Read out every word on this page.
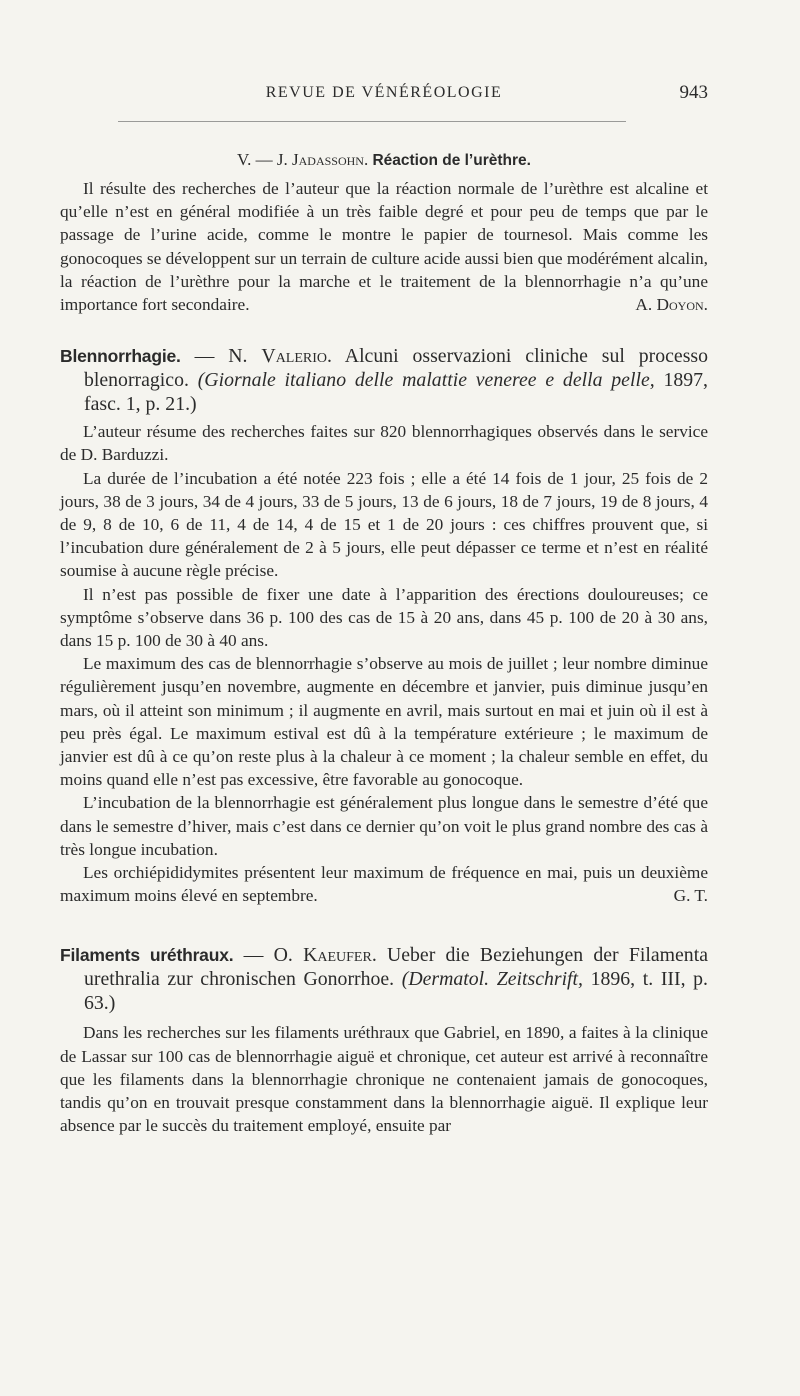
REVUE DE VÉNÉRÉOLOGIE	943

V. — J. Jadassohn. Réaction de l’urèthre.

Il résulte des recherches de l’auteur que la réaction normale de l’urèthre est alcaline et qu’elle n’est en général modifiée à un très faible degré et pour peu de temps que par le passage de l’urine acide, comme le montre le papier de tournesol. Mais comme les gonocoques se développent sur un terrain de culture acide aussi bien que modérément alcalin, la réaction de l’urèthre pour la marche et le traitement de la blennorrhagie n’a qu’une importance fort secondaire.	A. Doyon.

Blennorrhagie. — N. Valerio. Alcuni osservazioni cliniche sul processo blenorragico. (Giornale italiano delle malattie veneree e della pelle, 1897, fasc. 1, p. 21.)

L’auteur résume des recherches faites sur 820 blennorrhagiques observés dans le service de D. Barduzzi.

La durée de l’incubation a été notée 223 fois ; elle a été 14 fois de 1 jour, 25 fois de 2 jours, 38 de 3 jours, 34 de 4 jours, 33 de 5 jours, 13 de 6 jours, 18 de 7 jours, 19 de 8 jours, 4 de 9, 8 de 10, 6 de 11, 4 de 14, 4 de 15 et 1 de 20 jours : ces chiffres prouvent que, si l’incubation dure généralement de 2 à 5 jours, elle peut dépasser ce terme et n’est en réalité soumise à aucune règle précise.

Il n’est pas possible de fixer une date à l’apparition des érections douloureuses; ce symptôme s’observe dans 36 p. 100 des cas de 15 à 20 ans, dans 45 p. 100 de 20 à 30 ans, dans 15 p. 100 de 30 à 40 ans.

Le maximum des cas de blennorrhagie s’observe au mois de juillet ; leur nombre diminue régulièrement jusqu’en novembre, augmente en décembre et janvier, puis diminue jusqu’en mars, où il atteint son minimum ; il augmente en avril, mais surtout en mai et juin où il est à peu près égal. Le maximum estival est dû à la température extérieure ; le maximum de janvier est dû à ce qu’on reste plus à la chaleur à ce moment ; la chaleur semble en effet, du moins quand elle n’est pas excessive, être favorable au gonocoque.

L’incubation de la blennorrhagie est généralement plus longue dans le semestre d’été que dans le semestre d’hiver, mais c’est dans ce dernier qu’on voit le plus grand nombre des cas à très longue incubation.

Les orchiépididymites présentent leur maximum de fréquence en mai, puis un deuxième maximum moins élevé en septembre.	G. T.

Filaments uréthraux. — O. Kaeufer. Ueber die Beziehungen der Filamenta urethralia zur chronischen Gonorrhoe. (Dermatol. Zeitschrift, 1896, t. III, p. 63.)

Dans les recherches sur les filaments uréthraux que Gabriel, en 1890, a faites à la clinique de Lassar sur 100 cas de blennorrhagie aiguë et chronique, cet auteur est arrivé à reconnaître que les filaments dans la blennorrhagie chronique ne contenaient jamais de gonocoques, tandis qu’on en trouvait presque constamment dans la blennorrhagie aiguë. Il explique leur absence par le succès du traitement employé, ensuite par
